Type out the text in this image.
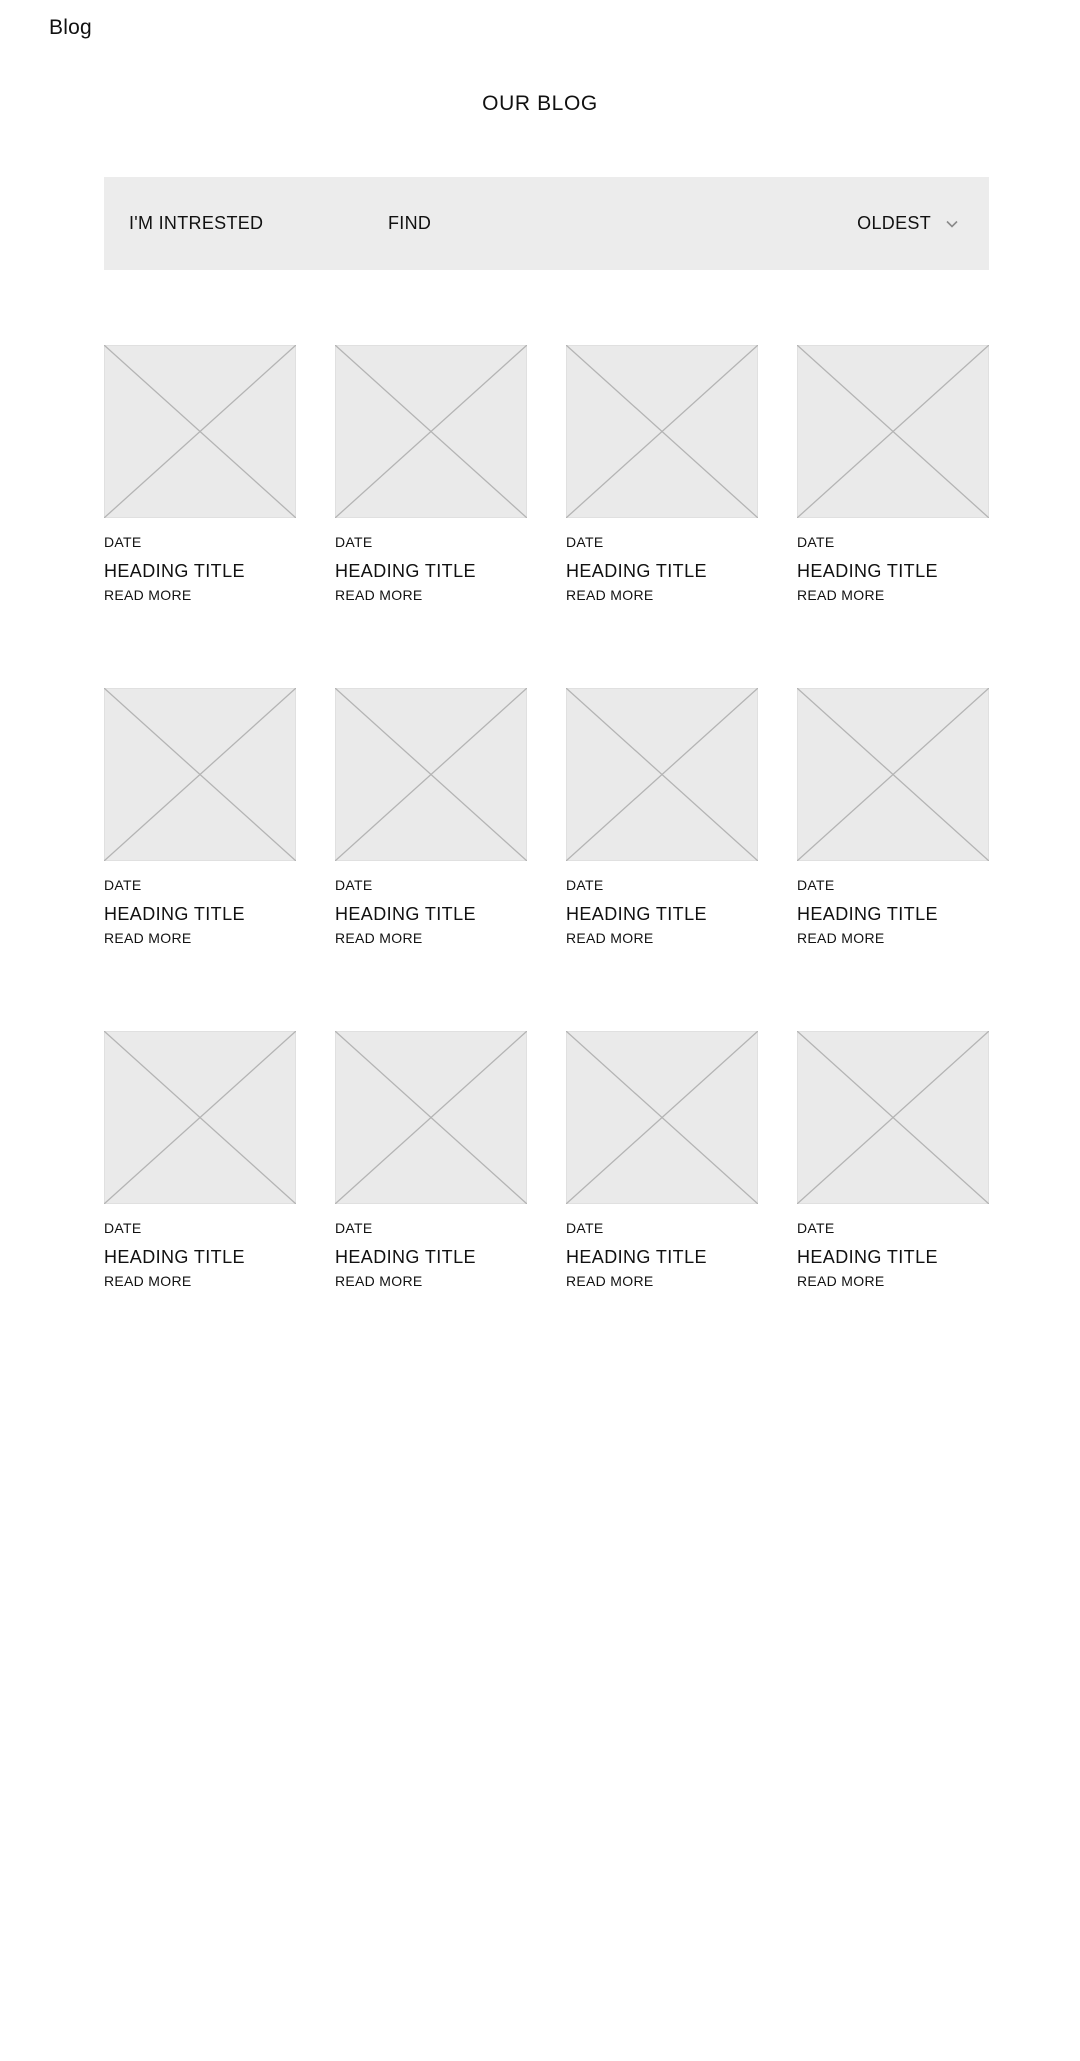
Blog
OUR BLOG
I'M INTRESTED	FIND	OLDEST
DATE
HEADING TITLE
READ MORE
DATE
HEADING TITLE
READ MORE
DATE
HEADING TITLE
READ MORE
DATE
HEADING TITLE
READ MORE
DATE
HEADING TITLE
READ MORE
DATE
HEADING TITLE
READ MORE
DATE
HEADING TITLE
READ MORE
DATE
HEADING TITLE
READ MORE
DATE
HEADING TITLE
READ MORE
DATE
HEADING TITLE
READ MORE
DATE
HEADING TITLE
READ MORE
DATE
HEADING TITLE
READ MORE
